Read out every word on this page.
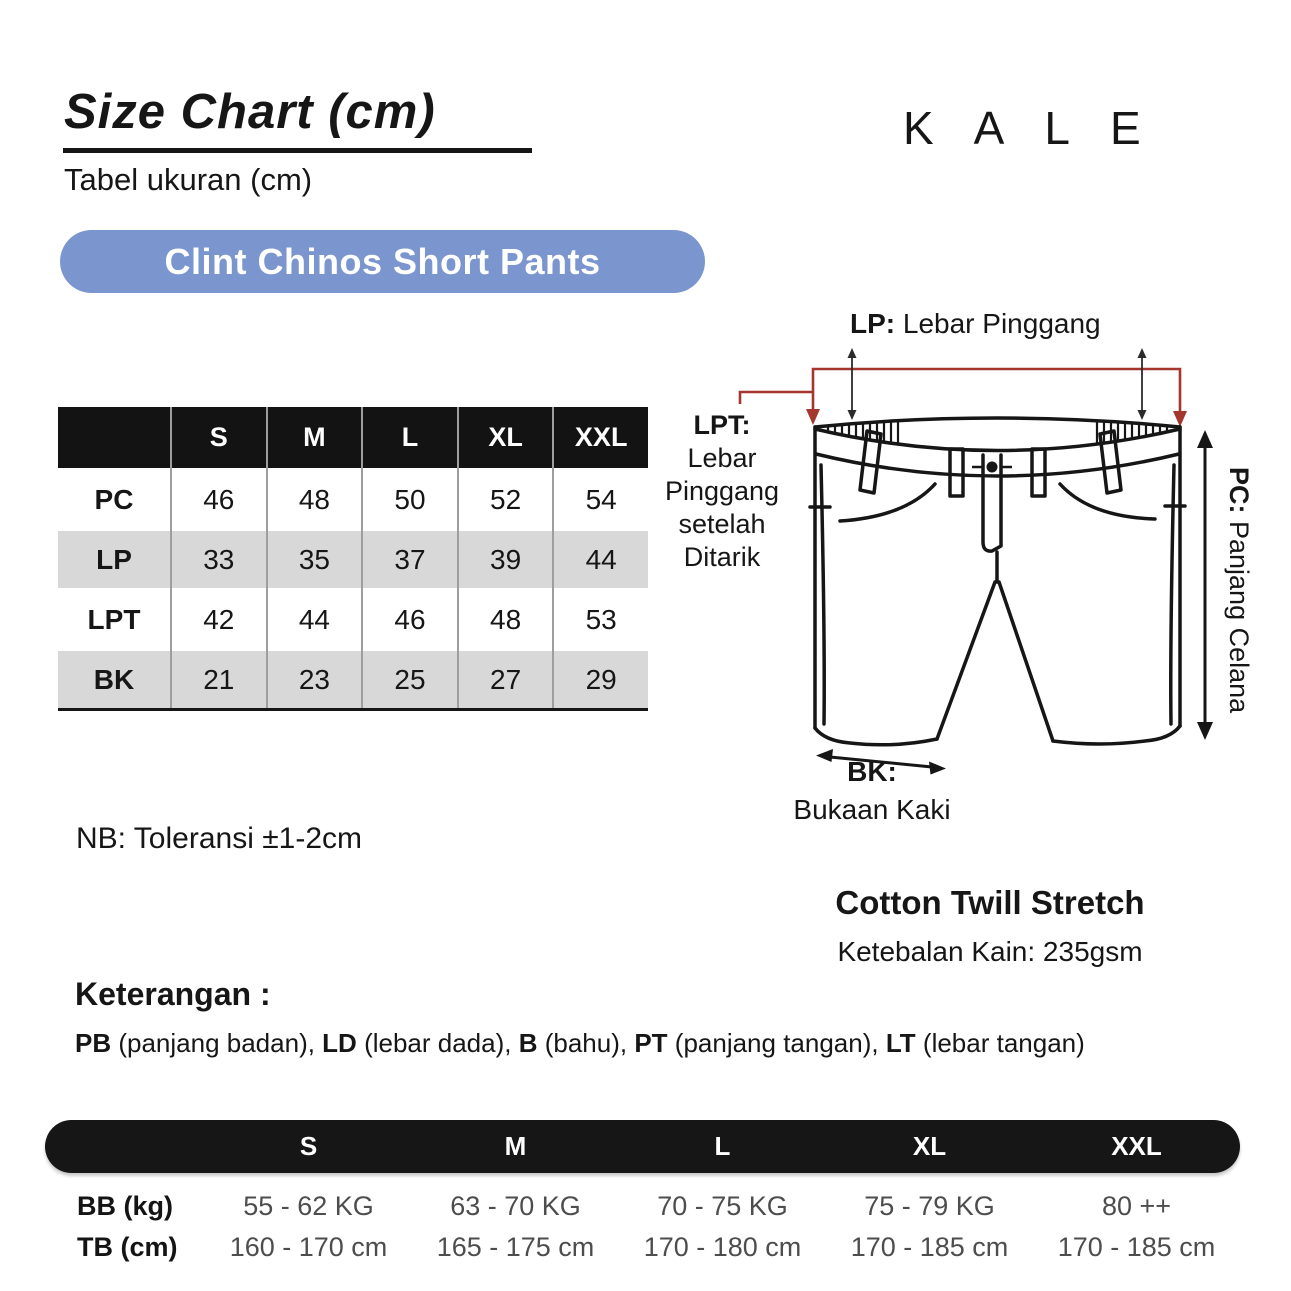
Size Chart (cm)
Tabel ukuran (cm)
KALE
Clint Chinos Short Pants
S	M	L	XL	XXL
PC	46	48	50	52	54
LP	33	35	37	39	44
LPT	42	44	46	48	53
BK	21	23	25	27	29
LP: Lebar Pinggang
LPT:
Lebar
Pinggang
setelah
Ditarik
PC: Panjang Celana
BK:
Bukaan Kaki
NB: Toleransi ±1-2cm
Cotton Twill Stretch
Ketebalan Kain: 235gsm
Keterangan :
PB (panjang badan), LD (lebar dada), B (bahu), PT (panjang tangan), LT (lebar tangan)
S	M	L	XL	XXL
BB (kg)	55 - 62 KG	63 - 70 KG	70 - 75 KG	75 - 79 KG	80 ++
TB (cm)	160 - 170 cm	165 - 175 cm	170 - 180 cm	170 - 185 cm	170 - 185 cm
